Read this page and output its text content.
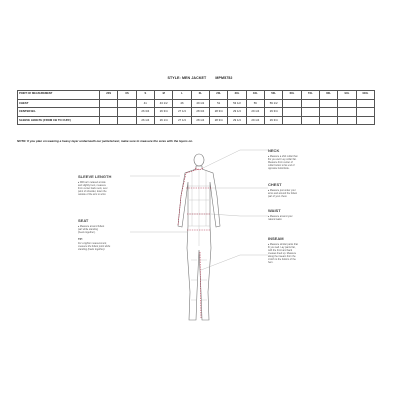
STYLE: MEN JACKET	MPM5752
POINT OF MEASUREMENT	2XS	XS	S	M	L	XL	2XL	3XL	4XL	5XL	6XL	7XL	8XL	9XL	10XL
CHEST			41	43 1/2	46	49 1/2	51	53 1/2	56	59 1/2					
CENTER B/L			26 3/4	26 3/4	27 1/4	28 3/4	28 3/4	29 1/4	29 1/4	29 3/4					
SLEEVE LENGTH (FROM CB TO CUFF)			26 1/4	26 1/4	27 1/4	28 1/4	28 3/4	29 1/4	29 1/4	29 3/4					
NOTE: If you plan on wearing a heavy layer underneath our jackets/vest, make sure to measure the sizes with the layers on.
NECK
▸ Measure a shirt collar that
fits you well. Lay collar flat.
Measure from center of
collar button to far end of
opposite buttonhole.
CHEST
▸ Measure just under your
arms and around the fullest
part of your chest.
WAIST
▸ Measure around your
natural waist.
INSEAM
▸ Measure similar pants that
fit you well. Lay pants flat,
with the front and back
creases lined up. Measure
along the inseam from the
crotch to the bottom of the
hem.
SLEEVE LENGTH
▸ With arm relaxed at side
and slightly bent, measure
from center back neck, over
point of shoulder, down the
outside of the arm to wrist.
SEAT
▸ Measure around fullest
part while standing
(heels together).
TIP:
For a tighter measurement,
measure the fullest point while
standing (heels together).
